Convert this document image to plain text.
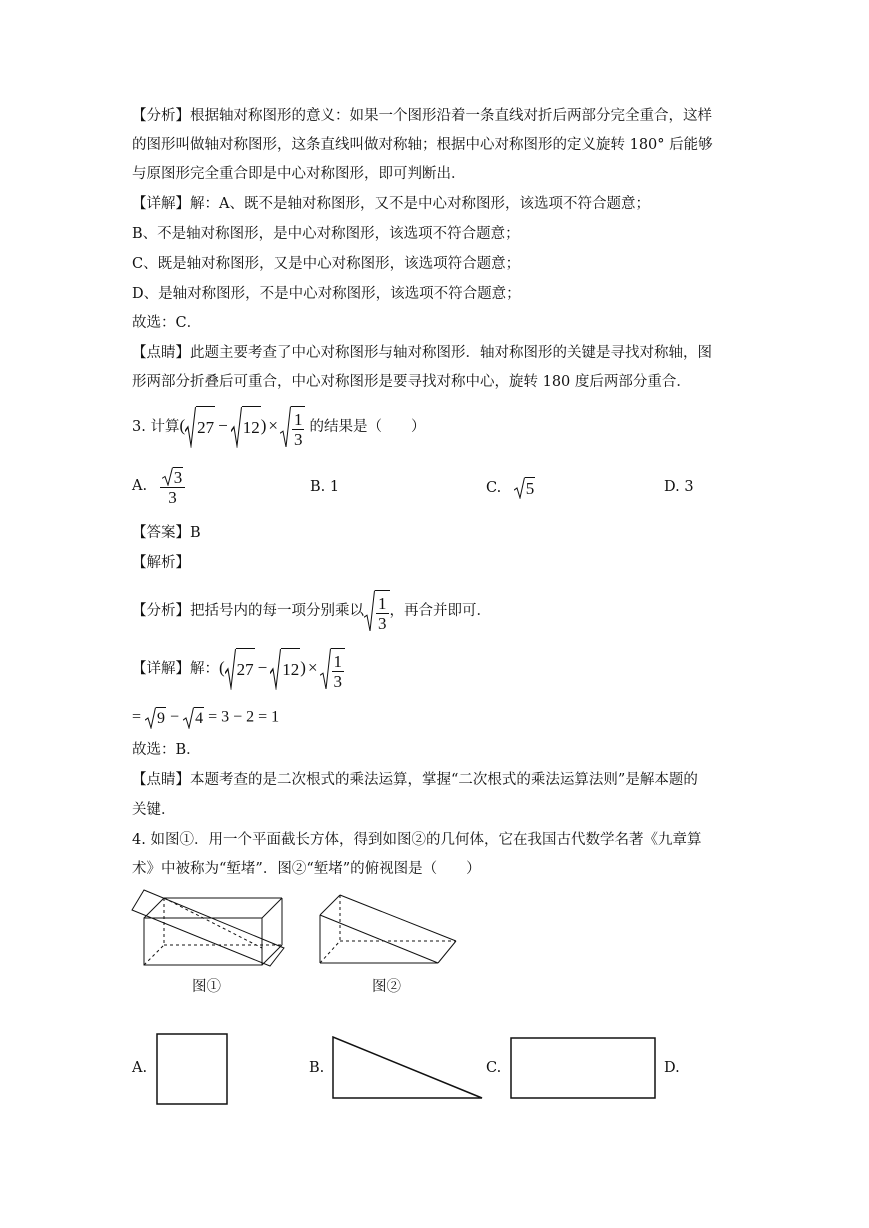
【分析】根据轴对称图形的意义：如果一个图形沿着一条直线对折后两部分完全重合，这样
的图形叫做轴对称图形，这条直线叫做对称轴；根据中心对称图形的定义旋转 180° 后能够
与原图形完全重合即是中心对称图形，即可判断出．
【详解】解：A、既不是轴对称图形，又不是中心对称图形，该选项不符合题意；
B、不是轴对称图形，是中心对称图形，该选项不符合题意；
C、既是轴对称图形，又是中心对称图形，该选项符合题意；
D、是轴对称图形，不是中心对称图形，该选项不符合题意；
故选：C．
【点睛】此题主要考查了中心对称图形与轴对称图形．轴对称图形的关键是寻找对称轴，图
形两部分折叠后可重合，中心对称图形是要寻找对称中心，旋转 180 度后两部分重合．
3. 计算( $27 - 12) \times \frac{1}{3}$ 的结果是（　　）
A. $\frac{3}{3}$	B. 1	C. 5	D. 3
【答案】B
【解析】
【分析】把括号内的每一项分别乘以 $\frac{1}{3}$ ，再合并即可．
【详解】解：( $27 - 12) \times \frac{1}{3}$
= 9 − 4 = 3 − 2 = 1
故选：B．
【点睛】本题考查的是二次根式的乘法运算，掌握“二次根式的乘法运算法则”是解本题的
关键．
4. 如图①．用一个平面截长方体，得到如图②的几何体，它在我国古代数学名著《九章算
术》中被称为“堑堵”．图②“堑堵”的俯视图是（　　）
图①	图②
A.	B.	C.	D.
